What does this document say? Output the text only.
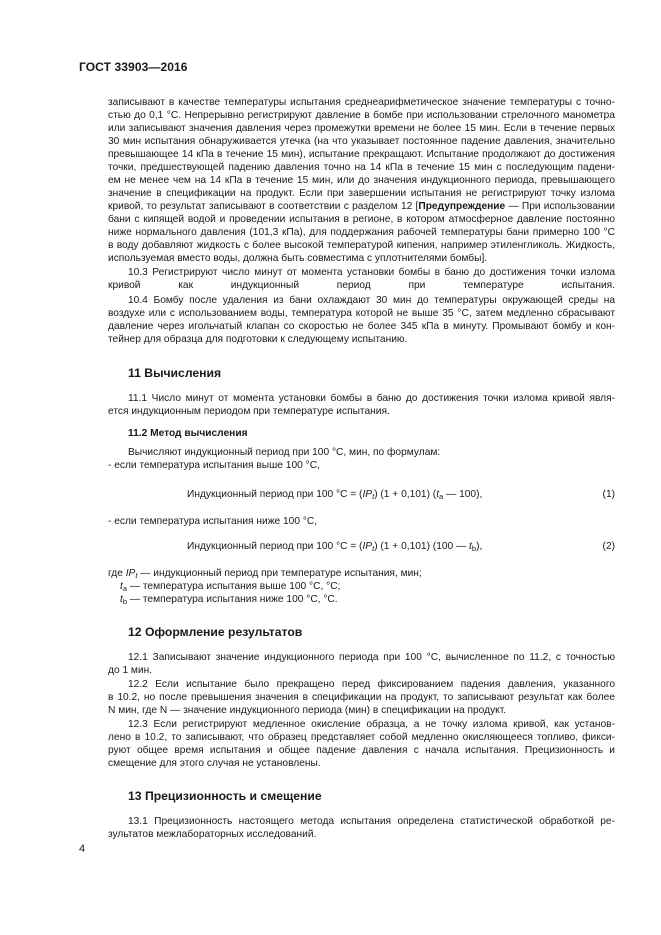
ГОСТ 33903—2016
записывают в качестве температуры испытания среднеарифметическое значение температуры с точно-
стью до 0,1 °С. Непрерывно регистрируют давление в бомбе при использовании стрелочного манометра
или записывают значения давления через промежутки времени не более 15 мин. Если в течение первых
30 мин испытания обнаруживается утечка (на что указывает постоянное падение давления, значительно
превышающее 14 кПа в течение 15 мин), испытание прекращают. Испытание продолжают до достижения
точки, предшествующей падению давления точно на 14 кПа в течение 15 мин с последующим падени-
ем не менее чем на 14 кПа в течение 15 мин, или до значения индукционного периода, превышающего
значение в спецификации на продукт. Если при завершении испытания не регистрируют точку излома
кривой, то результат записывают в соответствии с разделом 12 [Предупреждение — При использовании
бани с кипящей водой и проведении испытания в регионе, в котором атмосферное давление постоянно
ниже нормального давления (101,3 кПа), для поддержания рабочей температуры бани примерно 100 °С
в воду добавляют жидкость с более высокой температурой кипения, например этиленгликоль. Жидкость,
используемая вместо воды, должна быть совместима с уплотнителями бомбы].
10.3 Регистрируют число минут от момента установки бомбы в баню до достижения точки излома
кривой как индукционный период при температуре испытания.
10.4 Бомбу после удаления из бани охлаждают 30 мин до температуры окружающей среды на
воздухе или с использованием воды, температура которой не выше 35 °С, затем медленно сбрасывают
давление через игольчатый клапан со скоростью не более 345 кПа в минуту. Промывают бомбу и кон-
тейнер для образца для подготовки к следующему испытанию.
11 Вычисления
11.1 Число минут от момента установки бомбы в баню до достижения точки излома кривой явля-
ется индукционным периодом при температуре испытания.
11.2 Метод вычисления
Вычисляют индукционный период при 100 °С, мин, по формулам:
- если температура испытания выше 100 °С,
Индукционный период при 100 $^\circ С = (IP_t) (1 + 0,101)$ ($t_a$ — 100),	(1)
- если температура испытания ниже 100 °С,
Индукционный период при 100 $^\circ С = (IP_t) (1 + 0,101)$ (100 — $t_b$),	(2)
где $IP_t$ — индукционный период при температуре испытания, мин;
$t_a$ — температура испытания выше 100 °С, °С;
$t_b$ — температура испытания ниже 100 °С, °С.
12 Оформление результатов
12.1 Записывают значение индукционного периода при 100 °С, вычисленное по 11.2, с точностью
до 1 мин.
12.2 Если испытание было прекращено перед фиксированием падения давления, указанного
в 10.2, но после превышения значения в спецификации на продукт, то записывают результат как более
N мин, где N — значение индукционного периода (мин) в спецификации на продукт.
12.3 Если регистрируют медленное окисление образца, а не точку излома кривой, как установ-
лено в 10.2, то записывают, что образец представляет собой медленно окисляющееся топливо, фикси-
руют общее время испытания и общее падение давления с начала испытания. Прецизионность и
смещение для этого случая не установлены.
13 Прецизионность и смещение
13.1 Прецизионность настоящего метода испытания определена статистической обработкой ре-
зультатов межлабораторных исследований.
4
